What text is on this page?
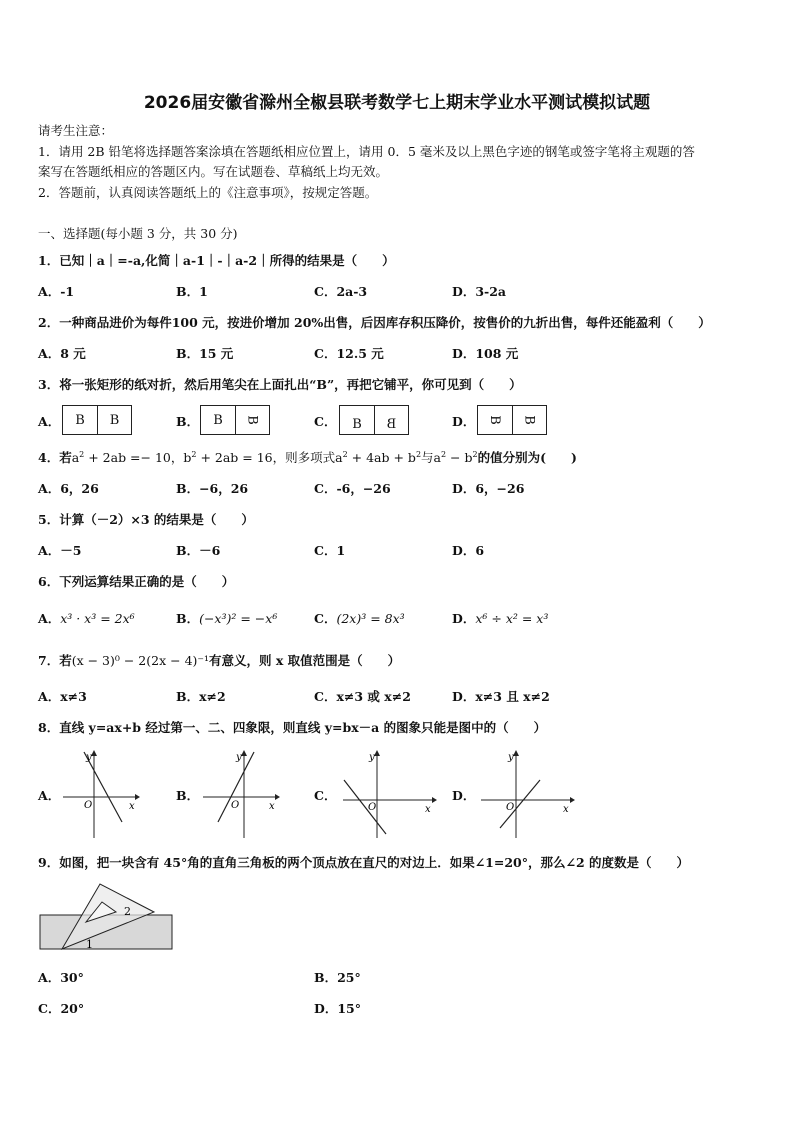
2026届安徽省滁州全椒县联考数学七上期末学业水平测试模拟试题
请考生注意：
1．请用 2B 铅笔将选择题答案涂填在答题纸相应位置上，请用 0．5 毫米及以上黑色字迹的钢笔或签字笔将主观题的答
案写在答题纸相应的答题区内。写在试题卷、草稿纸上均无效。
2．答题前，认真阅读答题纸上的《注意事项》，按规定答题。
一、选择题(每小题 3 分，共 30 分)
1．已知｜a｜=-a,化简｜a-1｜-｜a-2｜所得的结果是（　　）
A．-1	B．1	C．2a-3	D．3-2a
2．一种商品进价为每件100 元，按进价增加 20%出售，后因库存积压降价，按售价的九折出售，每件还能盈利（　　）
A．8 元	B．15 元	C．12.5 元	D．108 元
3．将一张矩形的纸对折，然后用笔尖在上面扎出“B”，再把它铺平，你可见到（　　）
A．	B	B	B．	B	B	C．	B	B	D． B	B
4．若$a^2 + 2ab =- 10$，$b^2 + 2ab = 16$，则多项式$a^2 + 4ab + b^2$与$a^2 - b^2$的值分别为(　　)
A．6，26	B．−6，26	C．-6，−26	D．6，−26
5．计算（－2）×3 的结果是（　　）
A．－5	B．－6	C．1	D．6
6．下列运算结果正确的是（　　）
A．x³ · x³ = 2x⁶	B．(−x³)² = −x⁶	C．(2x)³ = 8x³	D．x⁶ ÷ x² = x³
7．若(x − 3)⁰ − 2(2x − 4)⁻¹有意义，则 x 取值范围是（　　）
A．x≠3	B．x≠2	C．x≠3 或 x≠2	D．x≠3 且 x≠2
8．直线 y=ax+b 经过第一、二、四象限，则直线 y=bx－a 的图象只能是图中的（　　）
A．
y
x
O
B．
y
x
O
C．
y
x
O
D．
y
x
O
9．如图，把一块含有 45°角的直角三角板的两个顶点放在直尺的对边上．如果∠1=20°，那么∠2 的度数是（　　）
2
1
A．30°	B．25°
C．20°	D．15°
